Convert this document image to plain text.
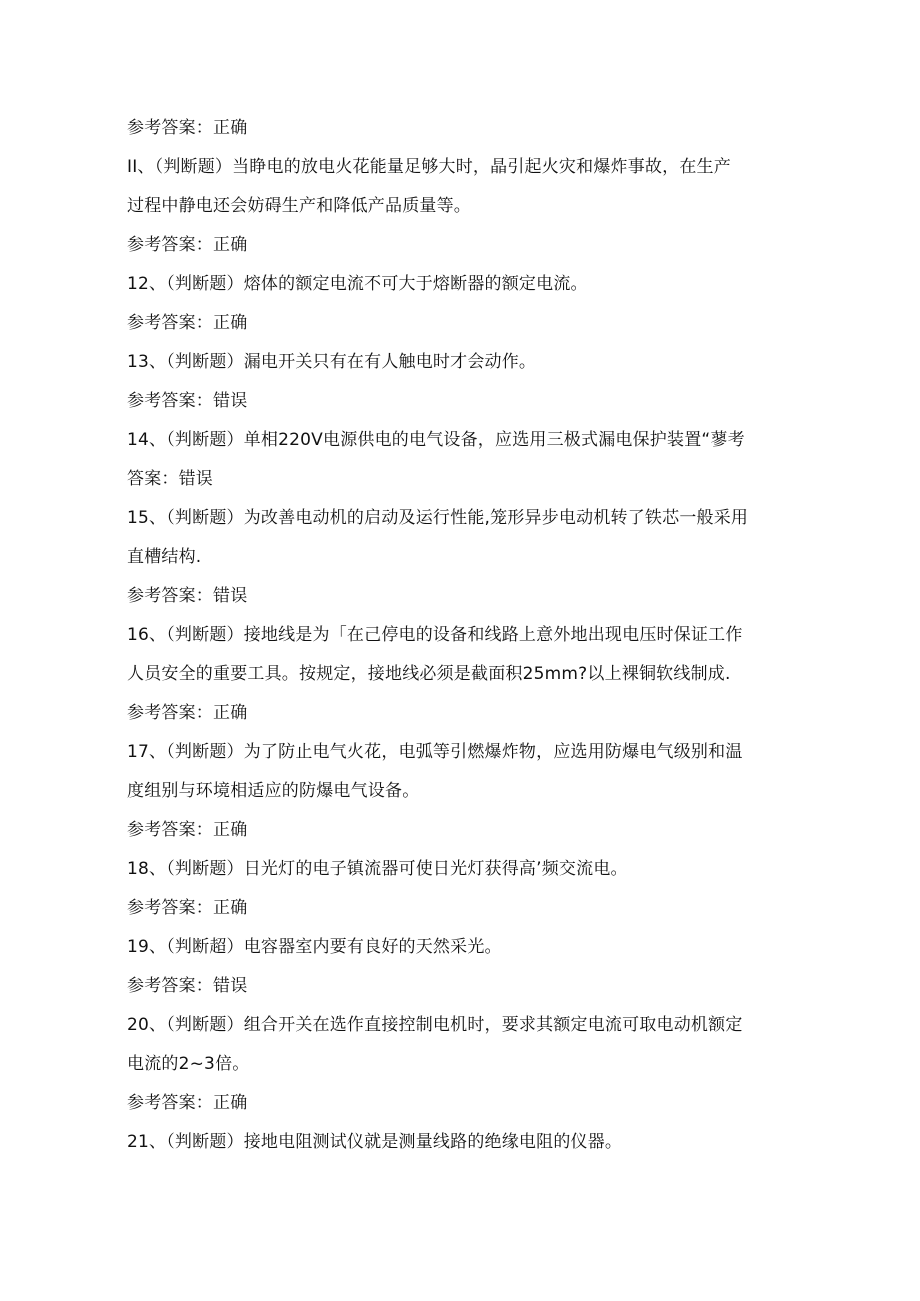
参考答案：正确
II、（判断题）当睁电的放电火花能量足够大时，晶引起火灾和爆炸事故，在生产
过程中静电还会妨碍生产和降低产品质量等。
参考答案：正确
12、（判断题）熔体的额定电流不可大于熔断器的额定电流。
参考答案：正确
13、（判断题）漏电开关只有在有人触电时才会动作。
参考答案：错误
14、（判断题）单相220V电源供电的电气设备，应选用三极式漏电保护装置“蓼考
答案：错误
15、（判断题）为改善电动机的启动及运行性能,笼形异步电动机转了铁芯一般采用
直槽结构.
参考答案：错误
16、（判断题）接地线是为「在己停电的设备和线路上意外地出现电压时保证工作
人员安全的重要工具。按规定，接地线必须是截面积25mm?以上裸铜软线制成.
参考答案：正确
17、（判断题）为了防止电气火花，电弧等引燃爆炸物，应选用防爆电气级别和温
度组别与环境相适应的防爆电气设备。
参考答案：正确
18、（判断题）日光灯的电子镇流器可使日光灯获得高’频交流电。
参考答案：正确
19、（判断超）电容器室内要有良好的天然采光。
参考答案：错误
20、（判断题）组合开关在选作直接控制电机时，要求其额定电流可取电动机额定
电流的2~3倍。
参考答案：正确
21、（判断题）接地电阻测试仪就是测量线路的绝缘电阻的仪器。
